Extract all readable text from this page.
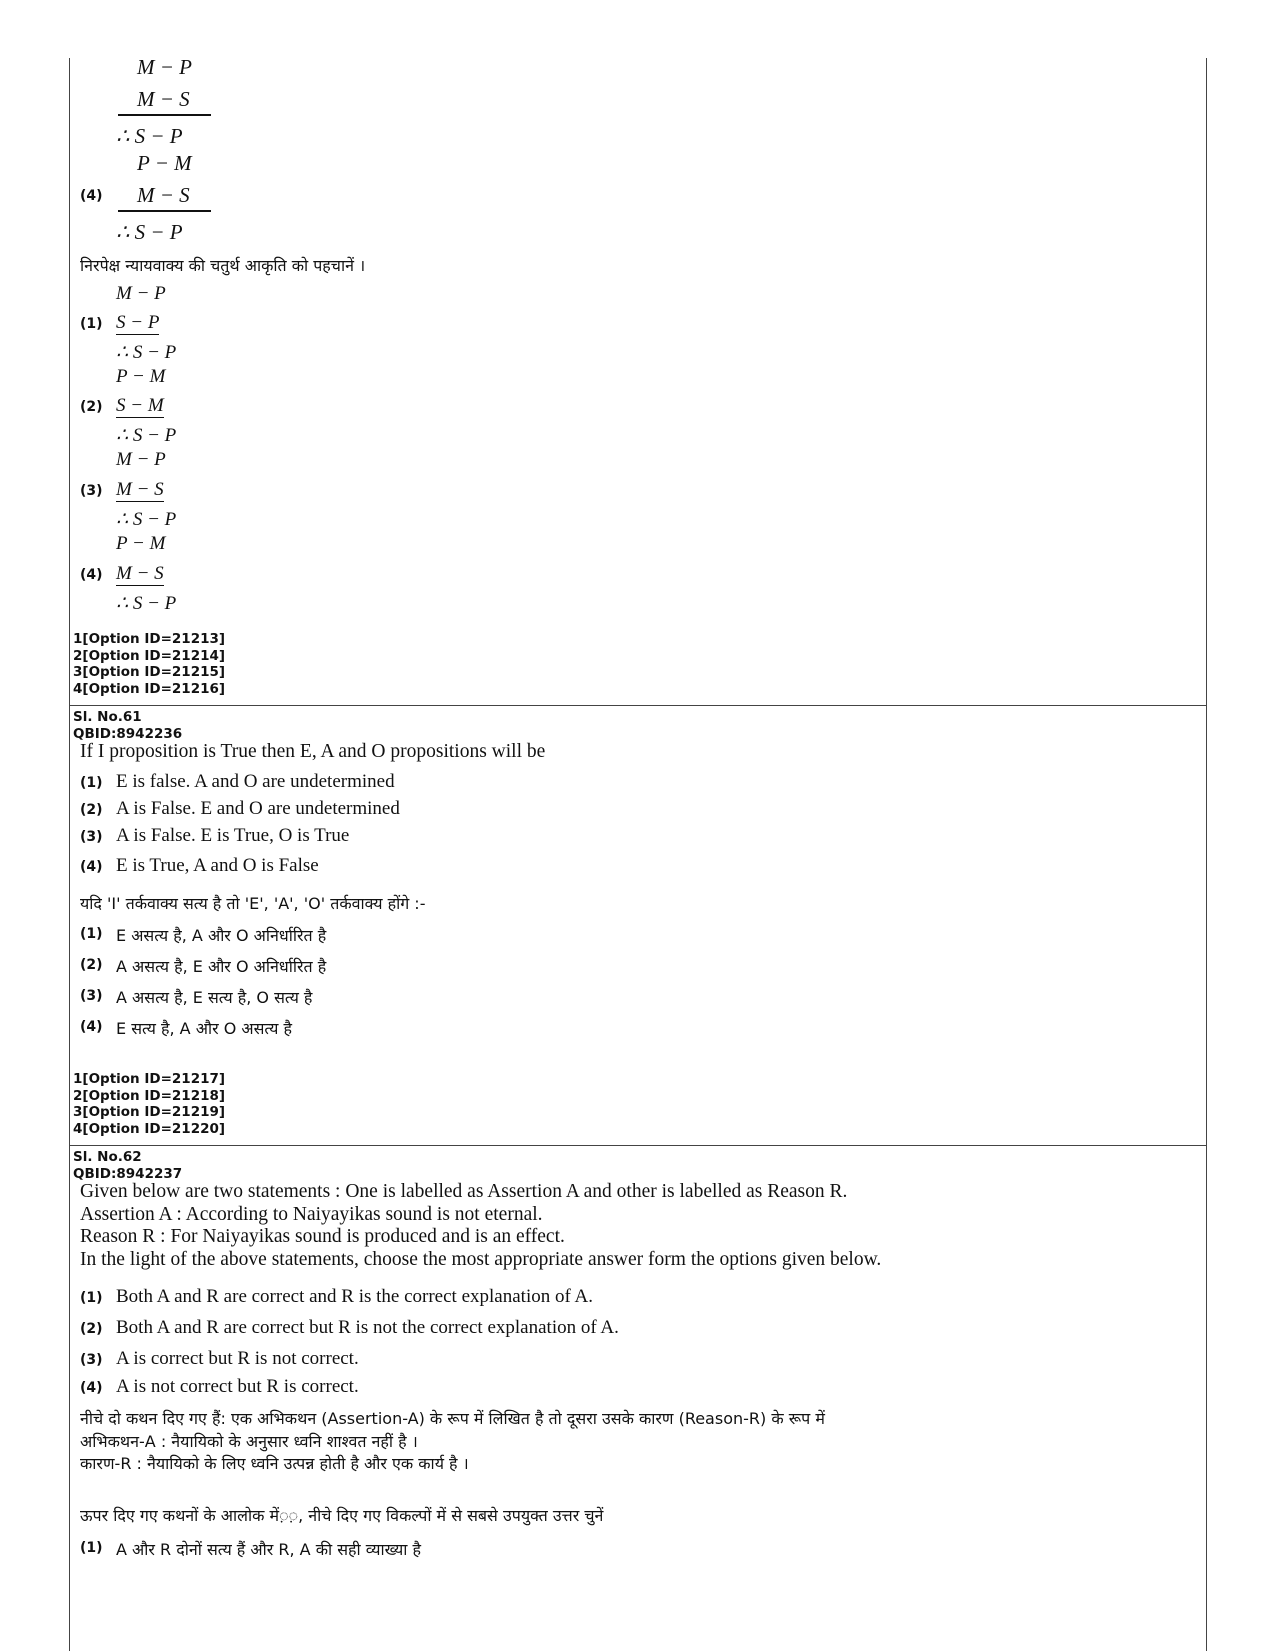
M − P
M − S
∴ S − P
P − M
(4) M − S
∴ S − P
निरपेक्ष न्यायवाक्य की चतुर्थ आकृति को पहचानें ।
M − P
(1) S − P
∴ S − P
P − M
(2) S − M
∴ S − P
M − P
(3) M − S
∴ S − P
P − M
(4) M − S
∴ S − P
1[Option ID=21213]
2[Option ID=21214]
3[Option ID=21215]
4[Option ID=21216]
Sl. No.61
QBID:8942236
If I proposition is True then E, A and O propositions will be
(1) E is false. A and O are undetermined
(2) A is False. E and O are undetermined
(3) A is False. E is True, O is True
(4) E is True, A and O is False
यदि 'I' तर्कवाक्य सत्य है तो 'E', 'A', 'O' तर्कवाक्य होंगे :-
(1) E असत्य है, A और O अनिर्धारित है
(2) A असत्य है, E और O अनिर्धारित है
(3) A असत्य है, E सत्य है, O सत्य है
(4) E सत्य है, A और O असत्य है
1[Option ID=21217]
2[Option ID=21218]
3[Option ID=21219]
4[Option ID=21220]
Sl. No.62
QBID:8942237
Given below are two statements : One is labelled as Assertion A and other is labelled as Reason R.
Assertion A : According to Naiyayikas sound is not eternal.
Reason R : For Naiyayikas sound is produced and is an effect.
In the light of the above statements, choose the most appropriate answer form the options given below.
(1) Both A and R are correct and R is the correct explanation of A.
(2) Both A and R are correct but R is not the correct explanation of A.
(3) A is correct but R is not correct.
(4) A is not correct but R is correct.
नीचे दो कथन दिए गए हैं: एक अभिकथन (Assertion-A) के रूप में लिखित है तो दूसरा उसके कारण (Reason-R) के रूप में
अभिकथन-A : नैयायिको के अनुसार ध्वनि शाश्वत नहीं है ।
कारण-R : नैयायिको के लिए ध्वनि उत्पन्न होती है और एक कार्य है ।
ऊपर दिए गए कथनों के आलोक में◌़◌़, नीचे दिए गए विकल्पों में से सबसे उपयुक्त उत्तर चुनें
(1) A और R दोनों सत्य हैं और R, A की सही व्याख्या है
